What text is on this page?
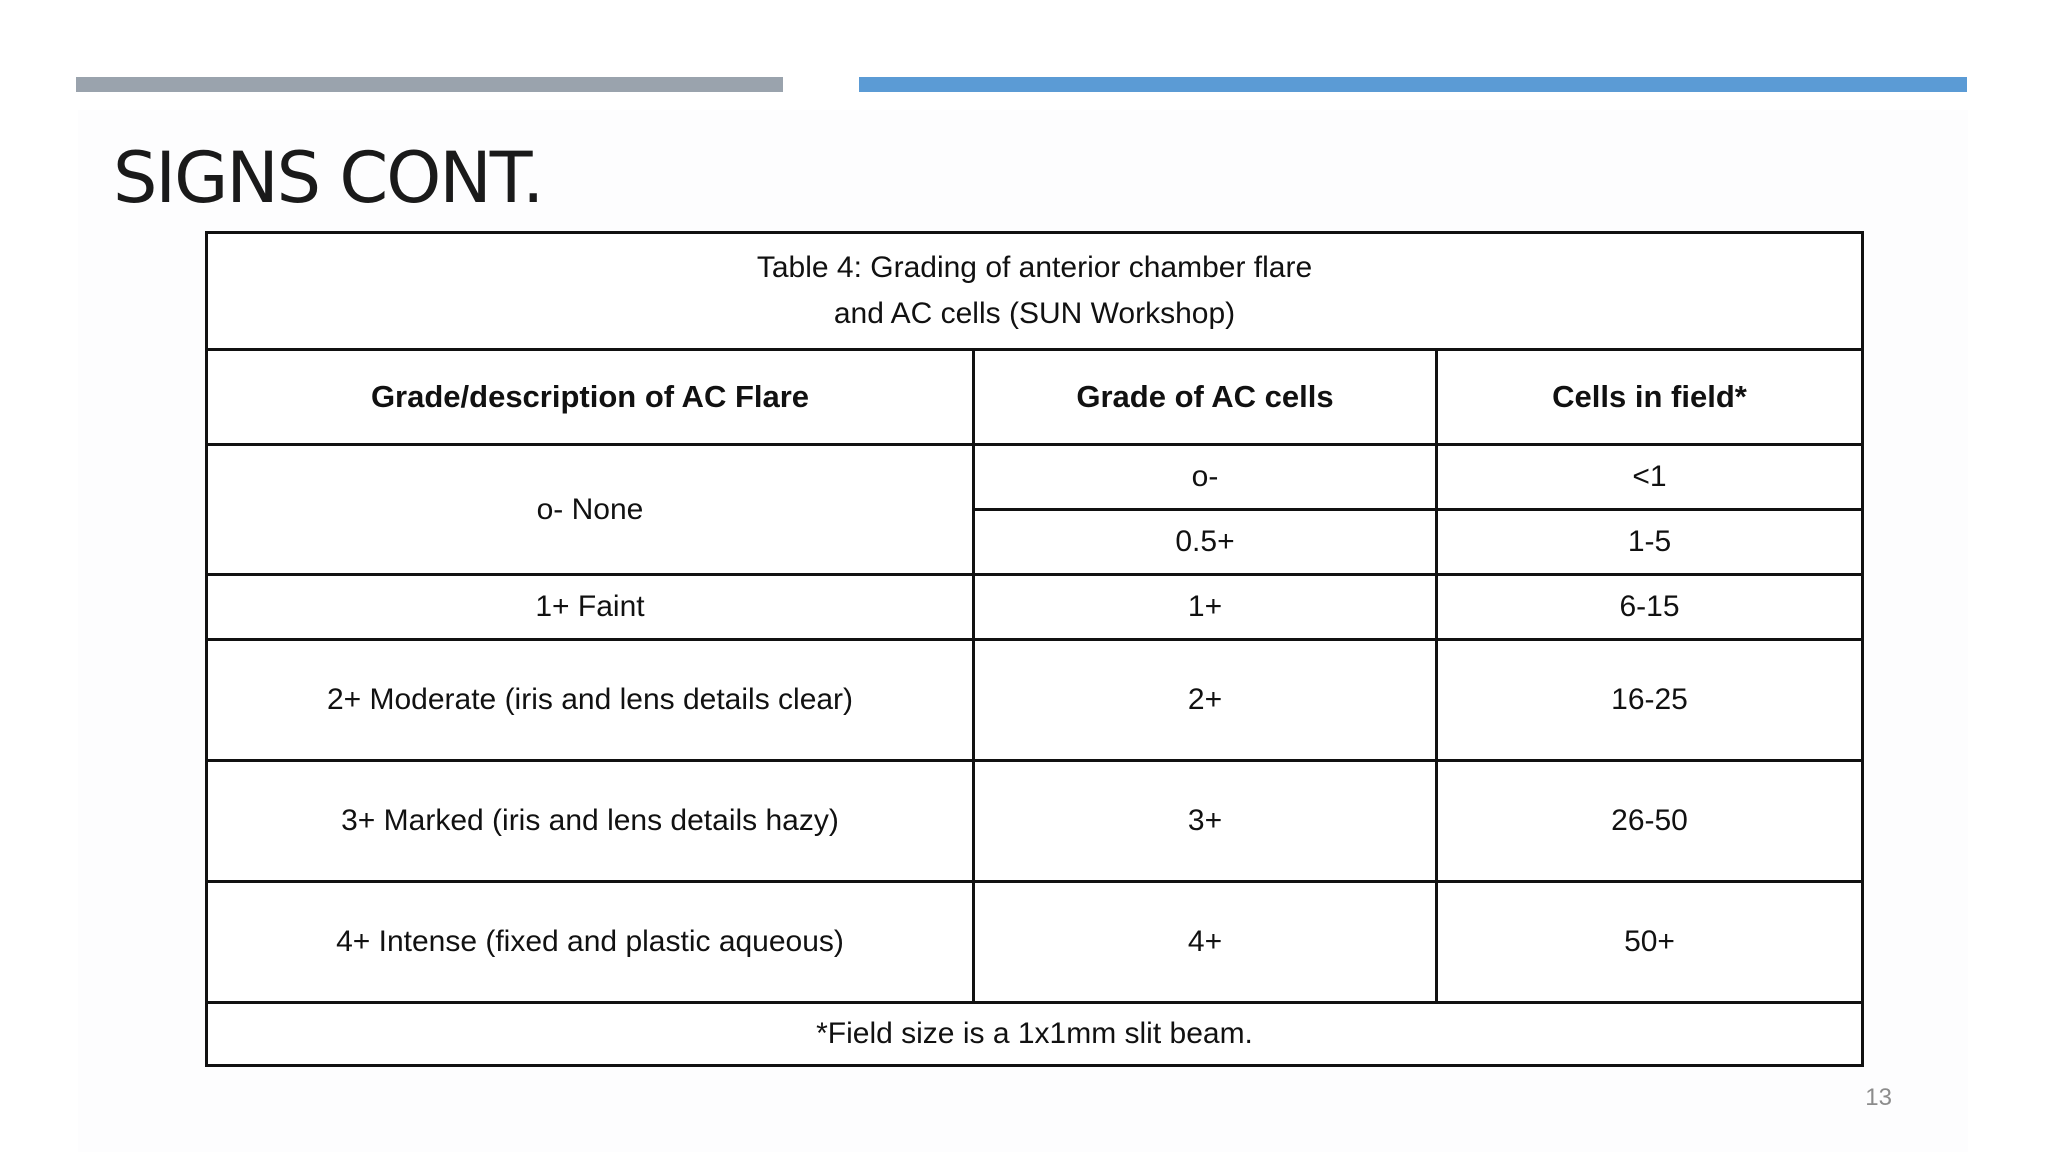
SIGNS CONT.
Table 4: Grading of anterior chamber flare
and AC cells (SUN Workshop)		

Grade/description of AC Flare	Grade of AC cells	Cells in field*
o- None	o-	<1
	0.5+	1-5
1+ Faint	1+	6-15
2+ Moderate (iris and lens details clear)	2+	16-25
3+ Marked (iris and lens details hazy)	3+	26-50
4+ Intense (fixed and plastic aqueous)	4+	50+
*Field size is a 1x1mm slit beam.		
13
